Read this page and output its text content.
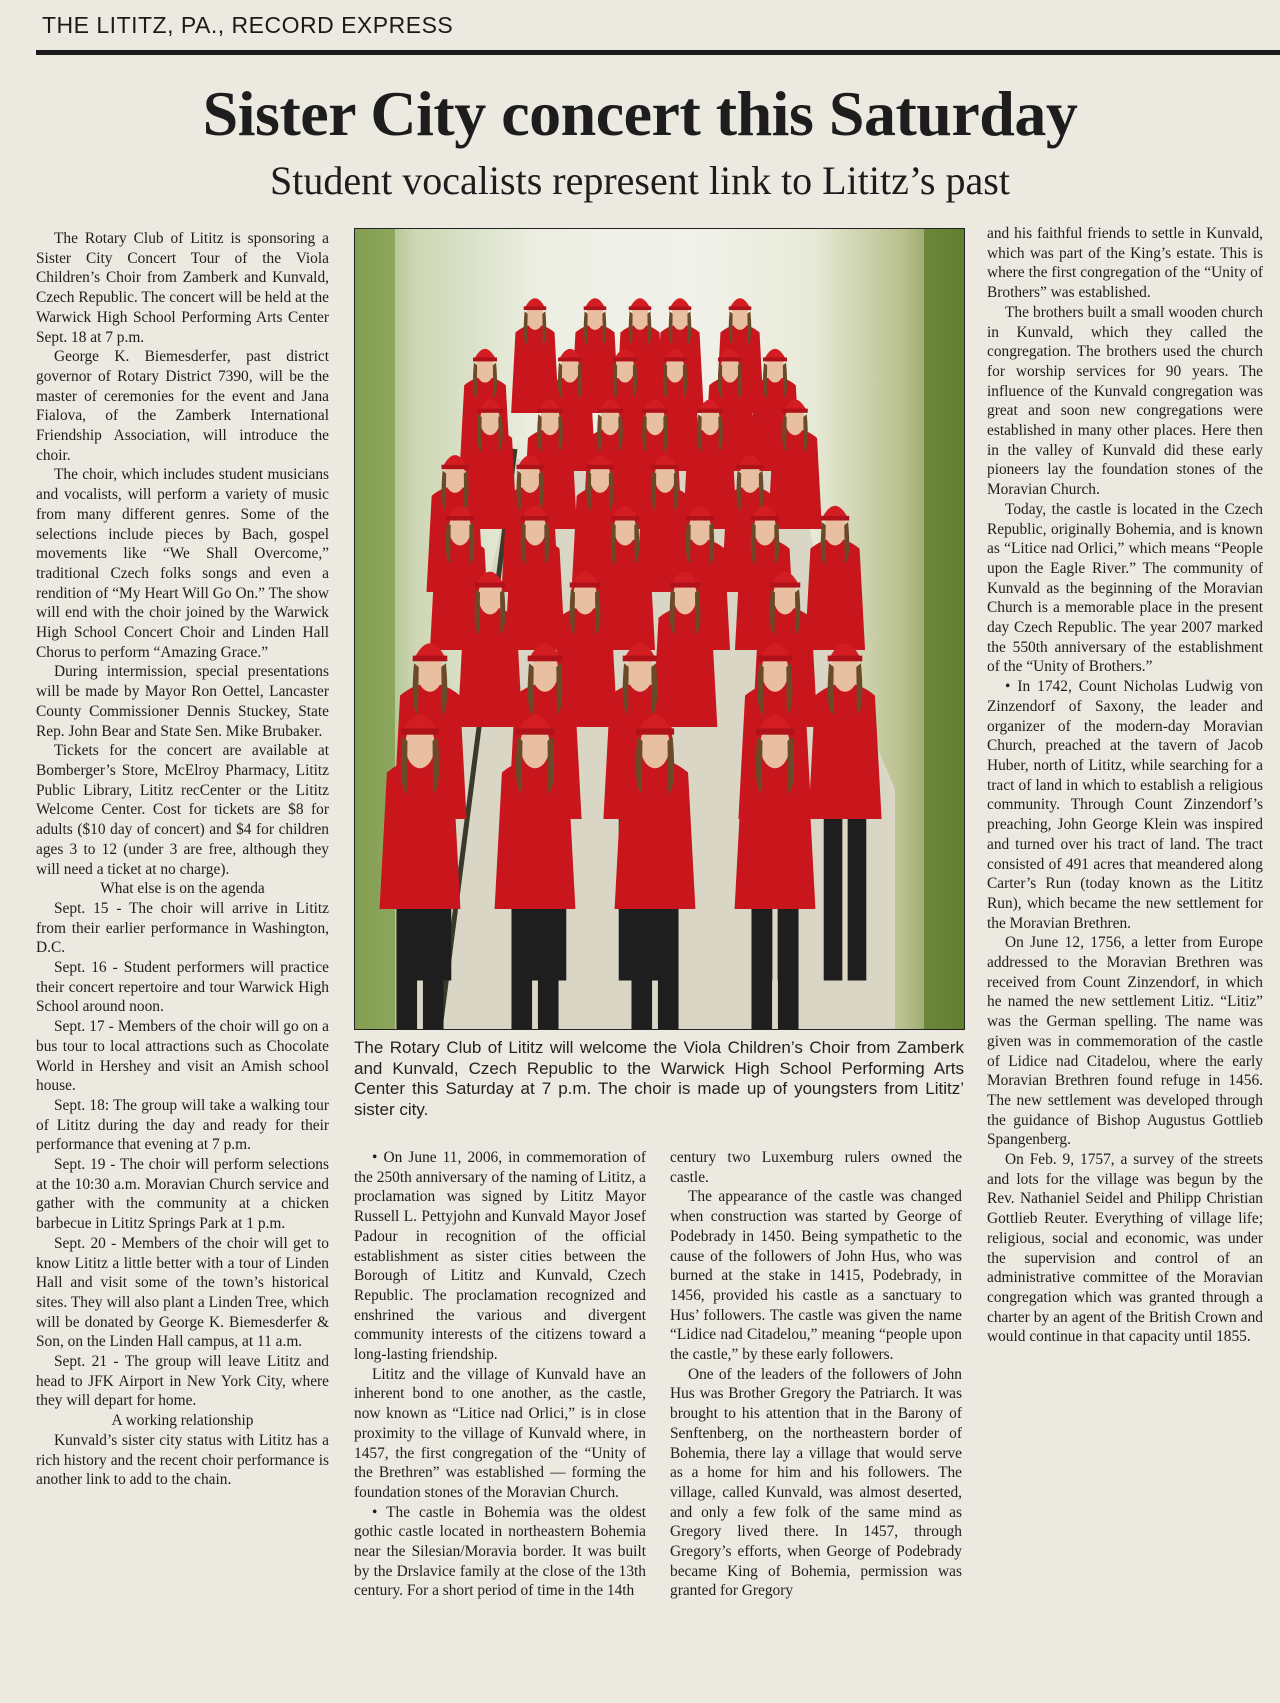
THE LITITZ, PA., RECORD EXPRESS
Sister City concert this Saturday
Student vocalists represent link to Lititz’s past

The Rotary Club of Lititz is sponsoring a Sister City Concert Tour of the Viola Children’s Choir from Zamberk and Kunvald, Czech Republic. The concert will be held at the Warwick High School Performing Arts Center Sept. 18 at 7 p.m.

George K. Biemesderfer, past district governor of Rotary District 7390, will be the master of ceremonies for the event and Jana Fialova, of the Zamberk International Friendship Association, will introduce the choir.

The choir, which includes student musicians and vocalists, will perform a variety of music from many different genres. Some of the selections include pieces by Bach, gospel movements like “We Shall Overcome,” traditional Czech folks songs and even a rendition of “My Heart Will Go On.” The show will end with the choir joined by the Warwick High School Concert Choir and Linden Hall Chorus to perform “Amazing Grace.”

During intermission, special presentations will be made by Mayor Ron Oettel, Lancaster County Commissioner Dennis Stuckey, State Rep. John Bear and State Sen. Mike Brubaker.

Tickets for the concert are available at Bomberger’s Store, McElroy Pharmacy, Lititz Public Library, Lititz recCenter or the Lititz Welcome Center. Cost for tickets are $8 for adults ($10 day of concert) and $4 for children ages 3 to 12 (under 3 are free, although they will need a ticket at no charge).

What else is on the agenda

Sept. 15 - The choir will arrive in Lititz from their earlier performance in Washington, D.C.

Sept. 16 - Student performers will practice their concert repertoire and tour Warwick High School around noon.

Sept. 17 - Members of the choir will go on a bus tour to local attractions such as Chocolate World in Hershey and visit an Amish school house.

Sept. 18: The group will take a walking tour of Lititz during the day and ready for their performance that evening at 7 p.m.

Sept. 19 - The choir will perform selections at the 10:30 a.m. Moravian Church service and gather with the community at a chicken barbecue in Lititz Springs Park at 1 p.m.

Sept. 20 - Members of the choir will get to know Lititz a little better with a tour of Linden Hall and visit some of the town’s historical sites. They will also plant a Linden Tree, which will be donated by George K. Biemesderfer & Son, on the Linden Hall campus, at 11 a.m.

Sept. 21 - The group will leave Lititz and head to JFK Airport in New York City, where they will depart for home.

A working relationship

Kunvald’s sister city status with Lititz has a rich history and the recent choir performance is another link to add to the chain.

The Rotary Club of Lititz will welcome the Viola Children’s Choir from Zamberk and Kunvald, Czech Republic to the Warwick High School Performing Arts Center this Saturday at 7 p.m. The choir is made up of youngsters from Lititz’ sister city.

• On June 11, 2006, in commemoration of the 250th anniversary of the naming of Lititz, a proclamation was signed by Lititz Mayor Russell L. Pettyjohn and Kunvald Mayor Josef Padour in recognition of the official establishment as sister cities between the Borough of Lititz and Kunvald, Czech Republic. The proclamation recognized and enshrined the various and divergent community interests of the citizens toward a long-lasting friendship.

Lititz and the village of Kunvald have an inherent bond to one another, as the castle, now known as “Litice nad Orlici,” is in close proximity to the village of Kunvald where, in 1457, the first congregation of the “Unity of the Brethren” was established — forming the foundation stones of the Moravian Church.

• The castle in Bohemia was the oldest gothic castle located in northeastern Bohemia near the Silesian/Moravia border. It was built by the Drslavice family at the close of the 13th century. For a short period of time in the 14th

century two Luxemburg rulers owned the castle.

The appearance of the castle was changed when construction was started by George of Podebrady in 1450. Being sympathetic to the cause of the followers of John Hus, who was burned at the stake in 1415, Podebrady, in 1456, provided his castle as a sanctuary to Hus’ followers. The castle was given the name “Lidice nad Citadelou,” meaning “people upon the castle,” by these early followers.

One of the leaders of the followers of John Hus was Brother Gregory the Patriarch. It was brought to his attention that in the Barony of Senftenberg, on the northeastern border of Bohemia, there lay a village that would serve as a home for him and his followers. The village, called Kunvald, was almost deserted, and only a few folk of the same mind as Gregory lived there. In 1457, through Gregory’s efforts, when George of Podebrady became King of Bohemia, permission was granted for Gregory

and his faithful friends to settle in Kunvald, which was part of the King’s estate. This is where the first congregation of the “Unity of Brothers” was established.

The brothers built a small wooden church in Kunvald, which they called the congregation. The brothers used the church for worship services for 90 years. The influence of the Kunvald congregation was great and soon new congregations were established in many other places. Here then in the valley of Kunvald did these early pioneers lay the foundation stones of the Moravian Church.

Today, the castle is located in the Czech Republic, originally Bohemia, and is known as “Litice nad Orlici,” which means “People upon the Eagle River.” The community of Kunvald as the beginning of the Moravian Church is a memorable place in the present day Czech Republic. The year 2007 marked the 550th anniversary of the establishment of the “Unity of Brothers.”

• In 1742, Count Nicholas Ludwig von Zinzendorf of Saxony, the leader and organizer of the modern-day Moravian Church, preached at the tavern of Jacob Huber, north of Lititz, while searching for a tract of land in which to establish a religious community. Through Count Zinzendorf’s preaching, John George Klein was inspired and turned over his tract of land. The tract consisted of 491 acres that meandered along Carter’s Run (today known as the Lititz Run), which became the new settlement for the Moravian Brethren.

On June 12, 1756, a letter from Europe addressed to the Moravian Brethren was received from Count Zinzendorf, in which he named the new settlement Litiz. “Litiz” was the German spelling. The name was given was in commemoration of the castle of Lidice nad Citadelou, where the early Moravian Brethren found refuge in 1456. The new settlement was developed through the guidance of Bishop Augustus Gottlieb Spangenberg.

On Feb. 9, 1757, a survey of the streets and lots for the village was begun by the Rev. Nathaniel Seidel and Philipp Christian Gottlieb Reuter. Everything of village life; religious, social and economic, was under the supervision and control of an administrative committee of the Moravian congregation which was granted through a charter by an agent of the British Crown and would continue in that capacity until 1855.
